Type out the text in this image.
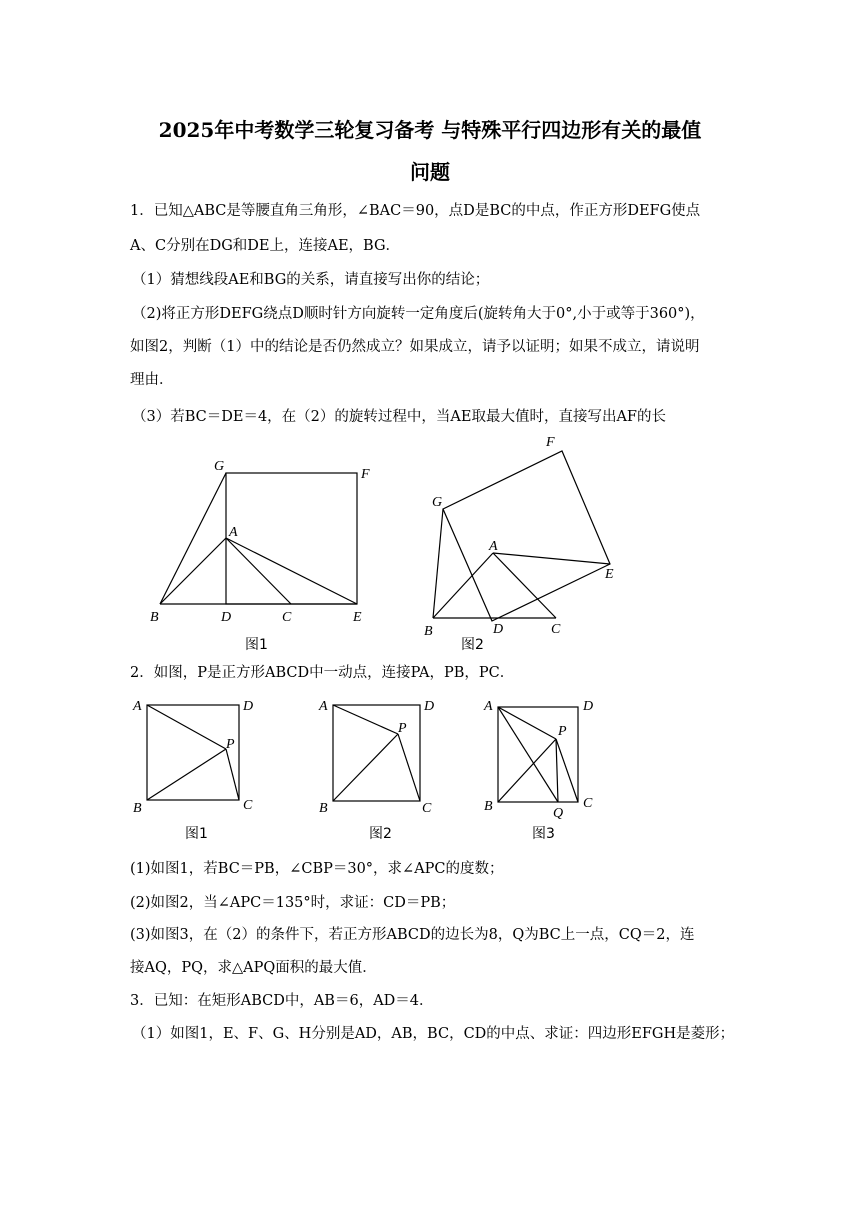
2025年中考数学三轮复习备考 与特殊平行四边形有关的最值
问题
1．已知△ABC是等腰直角三角形，∠BAC＝90，点D是BC的中点，作正方形DEFG使点
A、C分别在DG和DE上，连接AE，BG．
（1）猜想线段AE和BG的关系，请直接写出你的结论；
（2)将正方形DEFG绕点D顺时针方向旋转一定角度后(旋转角大于0°,小于或等于360°)，
如图2，判断（1）中的结论是否仍然成立？如果成立，请予以证明；如果不成立，请说明
理由．
（3）若BC＝DE＝4，在（2）的旋转过程中，当AE取最大值时，直接写出AF的长
G
F
A
B	D	C	E
图1
F
G
A
E
B	D	C
图2
2．如图，P是正方形ABCD中一动点，连接PA，PB，PC．
A	D
P
B	C
图1
A	D
P
B	C
图2
A	D
P
B	Q
C
图3
(1)如图1，若BC＝PB，∠CBP＝30°，求∠APC的度数；
(2)如图2，当∠APC＝135°时，求证：CD＝PB；
(3)如图3，在（2）的条件下，若正方形ABCD的边长为8，Q为BC上一点，CQ＝2，连
接AQ，PQ，求△APQ面积的最大值．
3．已知：在矩形ABCD中，AB＝6，AD＝4．
（1）如图1，E、F、G、H分别是AD，AB，BC，CD的中点、求证：四边形EFGH是菱形；
